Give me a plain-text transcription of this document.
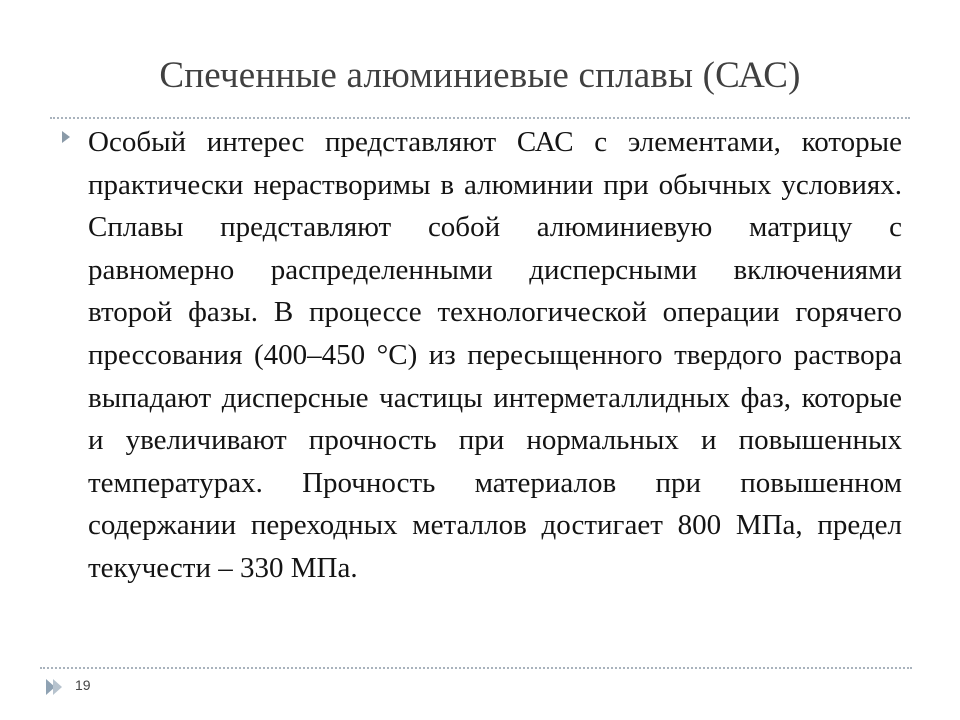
Спеченные алюминиевые сплавы (САС)
Особый интерес представляют САС с элементами, которые практически нерастворимы в алюминии при обычных условиях. Сплавы представляют собой алюминиевую матрицу с равномерно распределенными дисперсными включениями второй фазы. В процессе технологической операции горячего прессования (400–450 °С) из пересыщенного твердого раствора выпадают дисперсные частицы интерметаллидных фаз, которые и увеличивают прочность при нормальных и повышенных температурах. Прочность материалов при повышенном содержании переходных металлов достигает 800 МПа, предел текучести – 330 МПа.
19
